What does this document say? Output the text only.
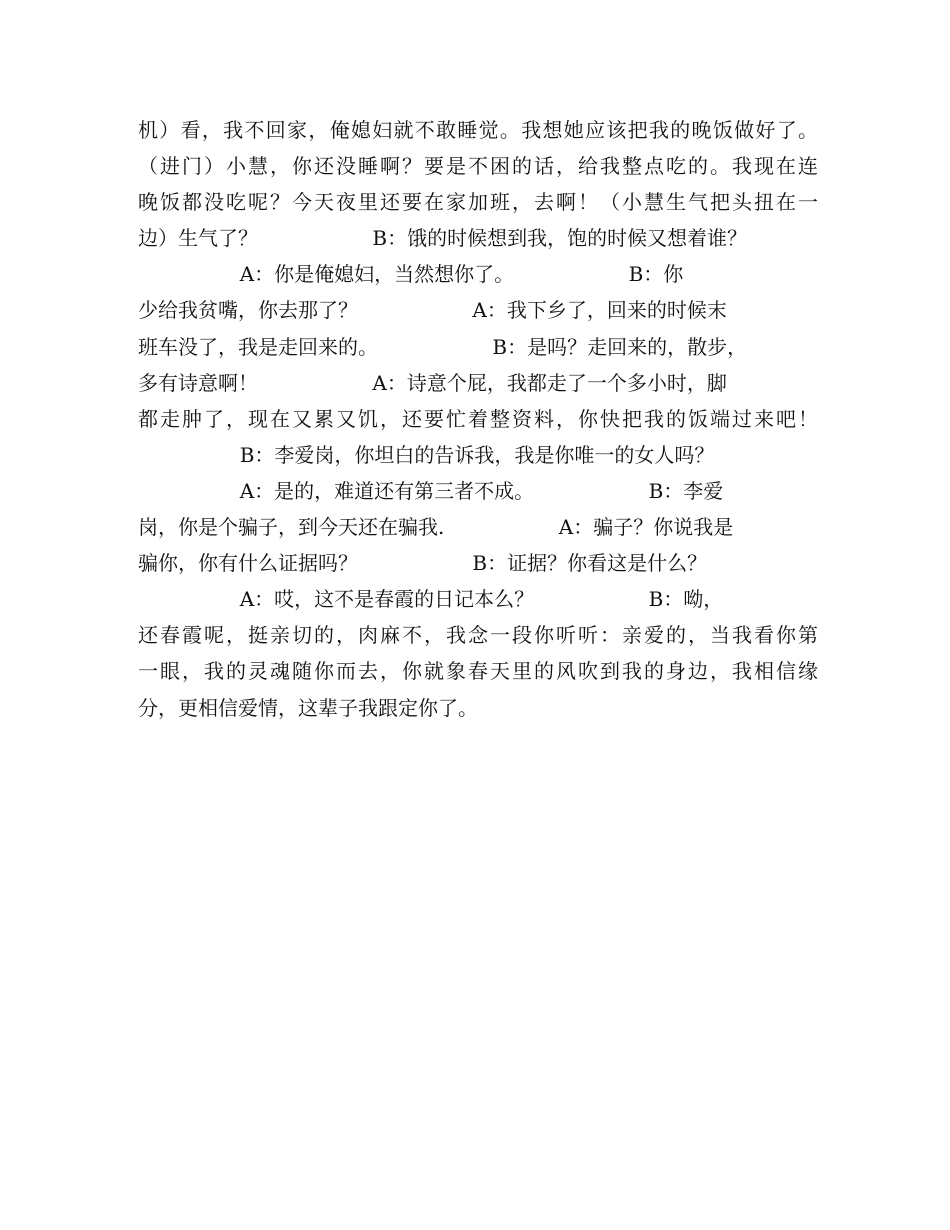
机）看，我不回家，俺媳妇就不敢睡觉。我想她应该把我的晚饭做好了。
（进门）小慧，你还没睡啊？要是不困的话，给我整点吃的。我现在连
晚饭都没吃呢？今天夜里还要在家加班，去啊！（小慧生气把头扭在一
边）生气了？                  B：饿的时候想到我，饱的时候又想着谁？
A：你是俺媳妇，当然想你了。                  B：你
少给我贫嘴，你去那了？                  A：我下乡了，回来的时候末
班车没了，我是走回来的。                  B：是吗？走回来的，散步，
多有诗意啊！                  A：诗意个屁，我都走了一个多小时，脚
都走肿了，现在又累又饥，还要忙着整资料，你快把我的饭端过来吧！
B：李爱岗，你坦白的告诉我，我是你唯一的女人吗？
A：是的，难道还有第三者不成。                  B：李爱
岗，你是个骗子，到今天还在骗我.                  A：骗子？你说我是
骗你，你有什么证据吗？                  B：证据？你看这是什么？
A：哎，这不是春霞的日记本么？                  B：呦，
还春霞呢，挺亲切的，肉麻不，我念一段你听听：亲爱的，当我看你第
一眼，我的灵魂随你而去，你就象春天里的风吹到我的身边，我相信缘
分，更相信爱情，这辈子我跟定你了。
